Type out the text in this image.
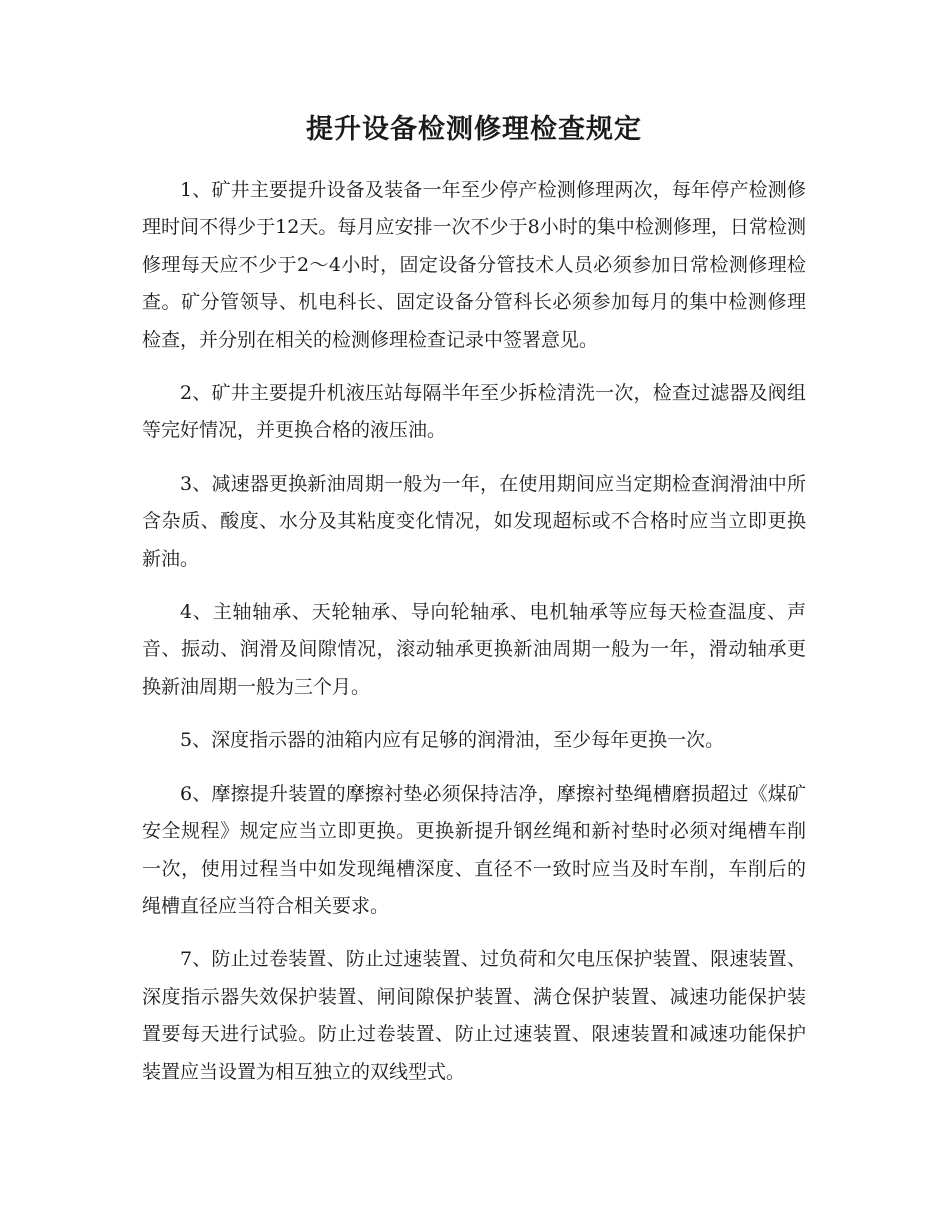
提升设备检测修理检查规定

1、矿井主要提升设备及装备一年至少停产检测修理两次，每年停产检测修理时间不得少于12天。每月应安排一次不少于8小时的集中检测修理，日常检测修理每天应不少于2～4小时，固定设备分管技术人员必须参加日常检测修理检查。矿分管领导、机电科长、固定设备分管科长必须参加每月的集中检测修理检查，并分别在相关的检测修理检查记录中签署意见。

2、矿井主要提升机液压站每隔半年至少拆检清洗一次，检查过滤器及阀组等完好情况，并更换合格的液压油。

3、减速器更换新油周期一般为一年，在使用期间应当定期检查润滑油中所含杂质、酸度、水分及其粘度变化情况，如发现超标或不合格时应当立即更换新油。

4、主轴轴承、天轮轴承、导向轮轴承、电机轴承等应每天检查温度、声音、振动、润滑及间隙情况，滚动轴承更换新油周期一般为一年，滑动轴承更换新油周期一般为三个月。

5、深度指示器的油箱内应有足够的润滑油，至少每年更换一次。

6、摩擦提升装置的摩擦衬垫必须保持洁净，摩擦衬垫绳槽磨损超过《煤矿安全规程》规定应当立即更换。更换新提升钢丝绳和新衬垫时必须对绳槽车削一次，使用过程当中如发现绳槽深度、直径不一致时应当及时车削，车削后的绳槽直径应当符合相关要求。

7、防止过卷装置、防止过速装置、过负荷和欠电压保护装置、限速装置、深度指示器失效保护装置、闸间隙保护装置、满仓保护装置、减速功能保护装置要每天进行试验。防止过卷装置、防止过速装置、限速装置和减速功能保护装置应当设置为相互独立的双线型式。
